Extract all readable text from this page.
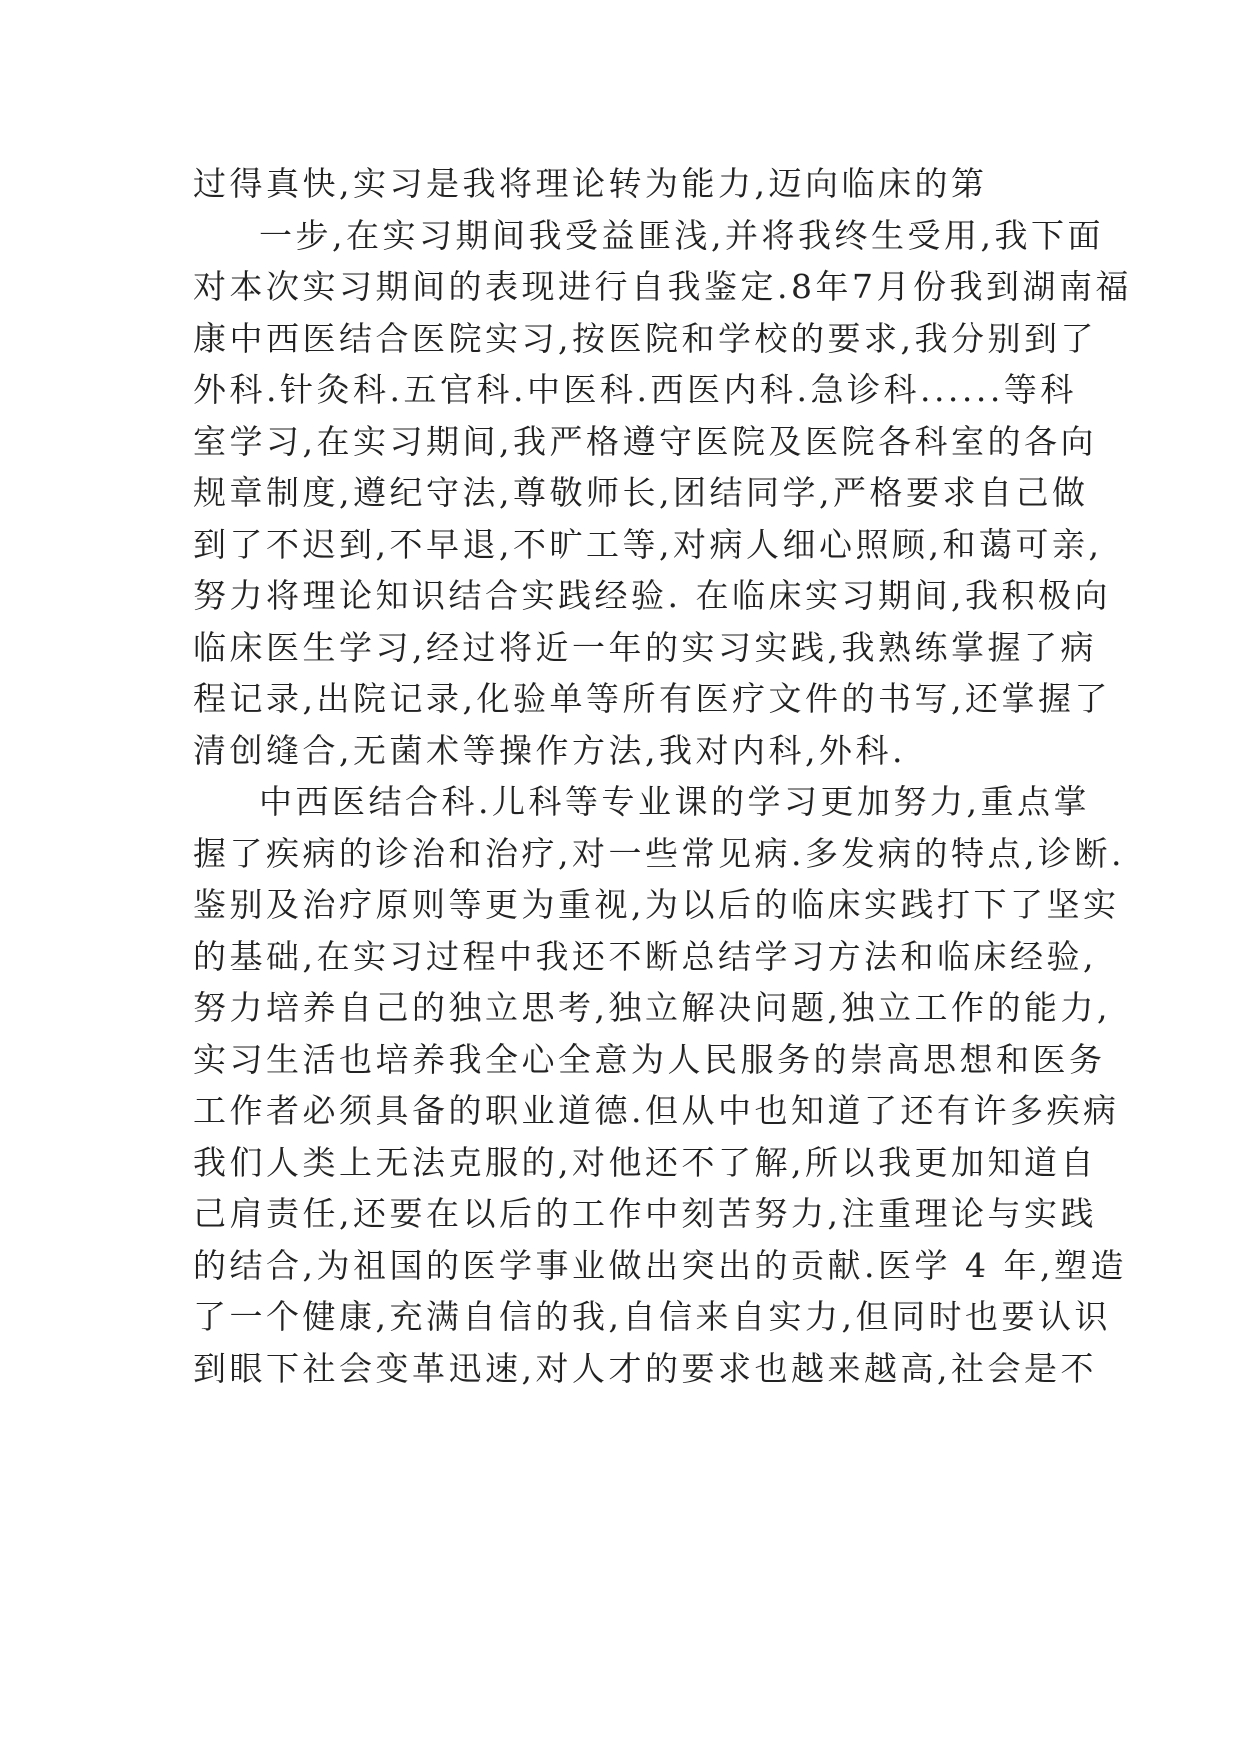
过得真快,实习是我将理论转为能力,迈向临床的第
一步,在实习期间我受益匪浅,并将我终生受用,我下面
对本次实习期间的表现进行自我鉴定.8年7月份我到湖南福
康中西医结合医院实习,按医院和学校的要求,我分别到了
外科.针灸科.五官科.中医科.西医内科.急诊科......等科
室学习,在实习期间,我严格遵守医院及医院各科室的各向
规章制度,遵纪守法,尊敬师长,团结同学,严格要求自己做
到了不迟到,不早退,不旷工等,对病人细心照顾,和蔼可亲,
努力将理论知识结合实践经验. 在临床实习期间,我积极向
临床医生学习,经过将近一年的实习实践,我熟练掌握了病
程记录,出院记录,化验单等所有医疗文件的书写,还掌握了
清创缝合,无菌术等操作方法,我对内科,外科.
中西医结合科.儿科等专业课的学习更加努力,重点掌
握了疾病的诊治和治疗,对一些常见病.多发病的特点,诊断.
鉴别及治疗原则等更为重视,为以后的临床实践打下了坚实
的基础,在实习过程中我还不断总结学习方法和临床经验,
努力培养自己的独立思考,独立解决问题,独立工作的能力,
实习生活也培养我全心全意为人民服务的崇高思想和医务
工作者必须具备的职业道德.但从中也知道了还有许多疾病
我们人类上无法克服的,对他还不了解,所以我更加知道自
己肩责任,还要在以后的工作中刻苦努力,注重理论与实践
的结合,为祖国的医学事业做出突出的贡献.医学 4 年,塑造
了一个健康,充满自信的我,自信来自实力,但同时也要认识
到眼下社会变革迅速,对人才的要求也越来越高,社会是不
